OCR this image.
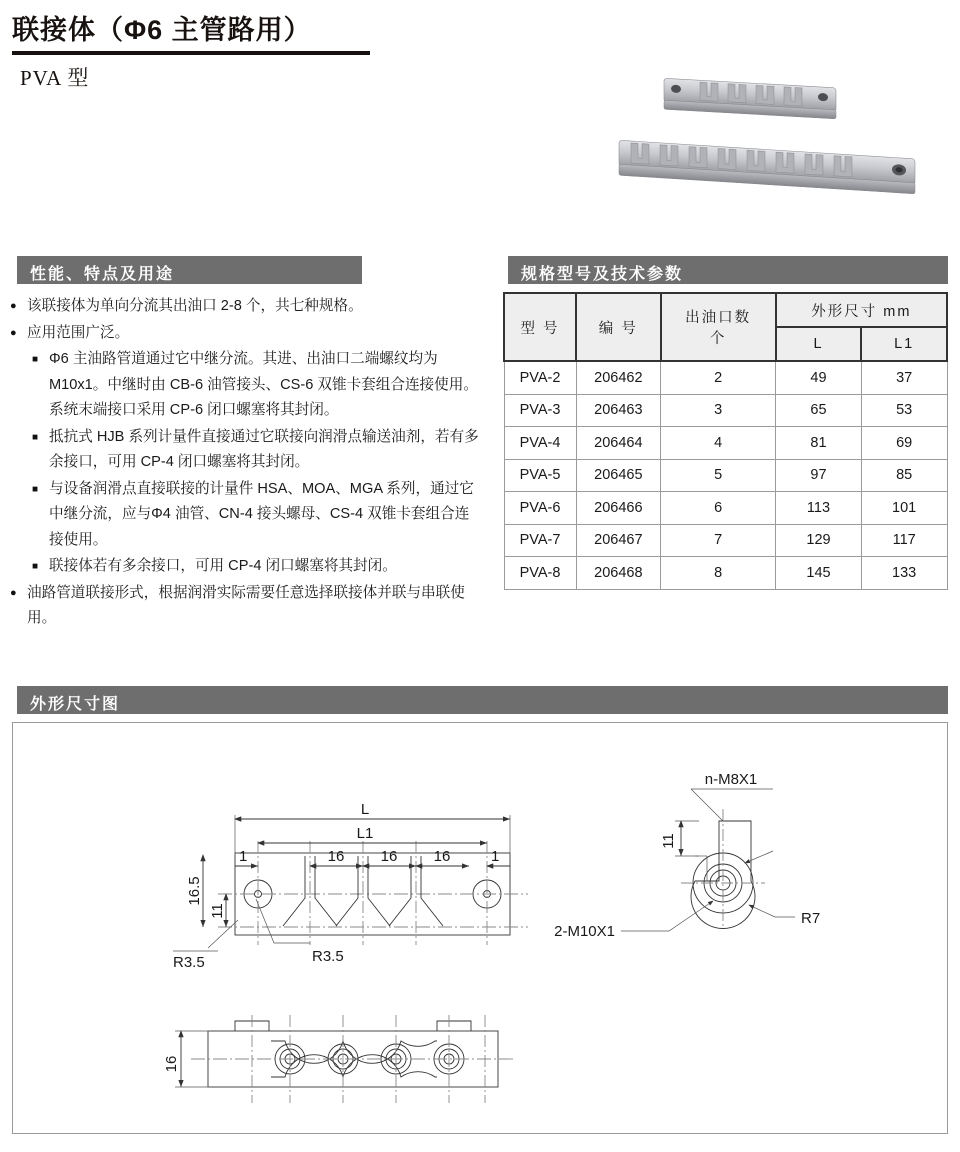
联接体（Φ6 主管路用）
PVA 型
性能、特点及用途	规格型号及技术参数
外形尺寸图
● 该联接体为单向分流其出油口 2-8 个，共七种规格。
● 应用范围广泛。
■ Φ6 主油路管道通过它中继分流。其进、出油口二端螺纹均为 M10x1。中继时由 CB-6 油管接头、CS-6 双锥卡套组合连接使用。系统末端接口采用 CP-6 闭口螺塞将其封闭。
■ 抵抗式 HJB 系列计量件直接通过它联接向润滑点输送油剂，若有多余接口，可用 CP-4 闭口螺塞将其封闭。
■ 与设备润滑点直接联接的计量件 HSA、MOA、MGA 系列，通过它中继分流，应与Φ4 油管、CN-4 接头螺母、CS-4 双锥卡套组合连接使用。
■ 联接体若有多余接口，可用 CP-4 闭口螺塞将其封闭。
● 油路管道联接形式，根据润滑实际需要任意选择联接体并联与串联使用。
型 号	编 号	出油口数
个	外形尺寸 mm	
			L	L1
PVA-2	206462	2	49	37
PVA-3	206463	3	65	53
PVA-4	206464	4	81	69
PVA-5	206465	5	97	85
PVA-6	206466	6	113	101
PVA-7	206467	7	129	117
PVA-8	206468	8	145	133
L
L1
16 16 16
1	1
16.5
11
R3.5	R3.5
n-M8X1
11
2-M10X1
R7
16
